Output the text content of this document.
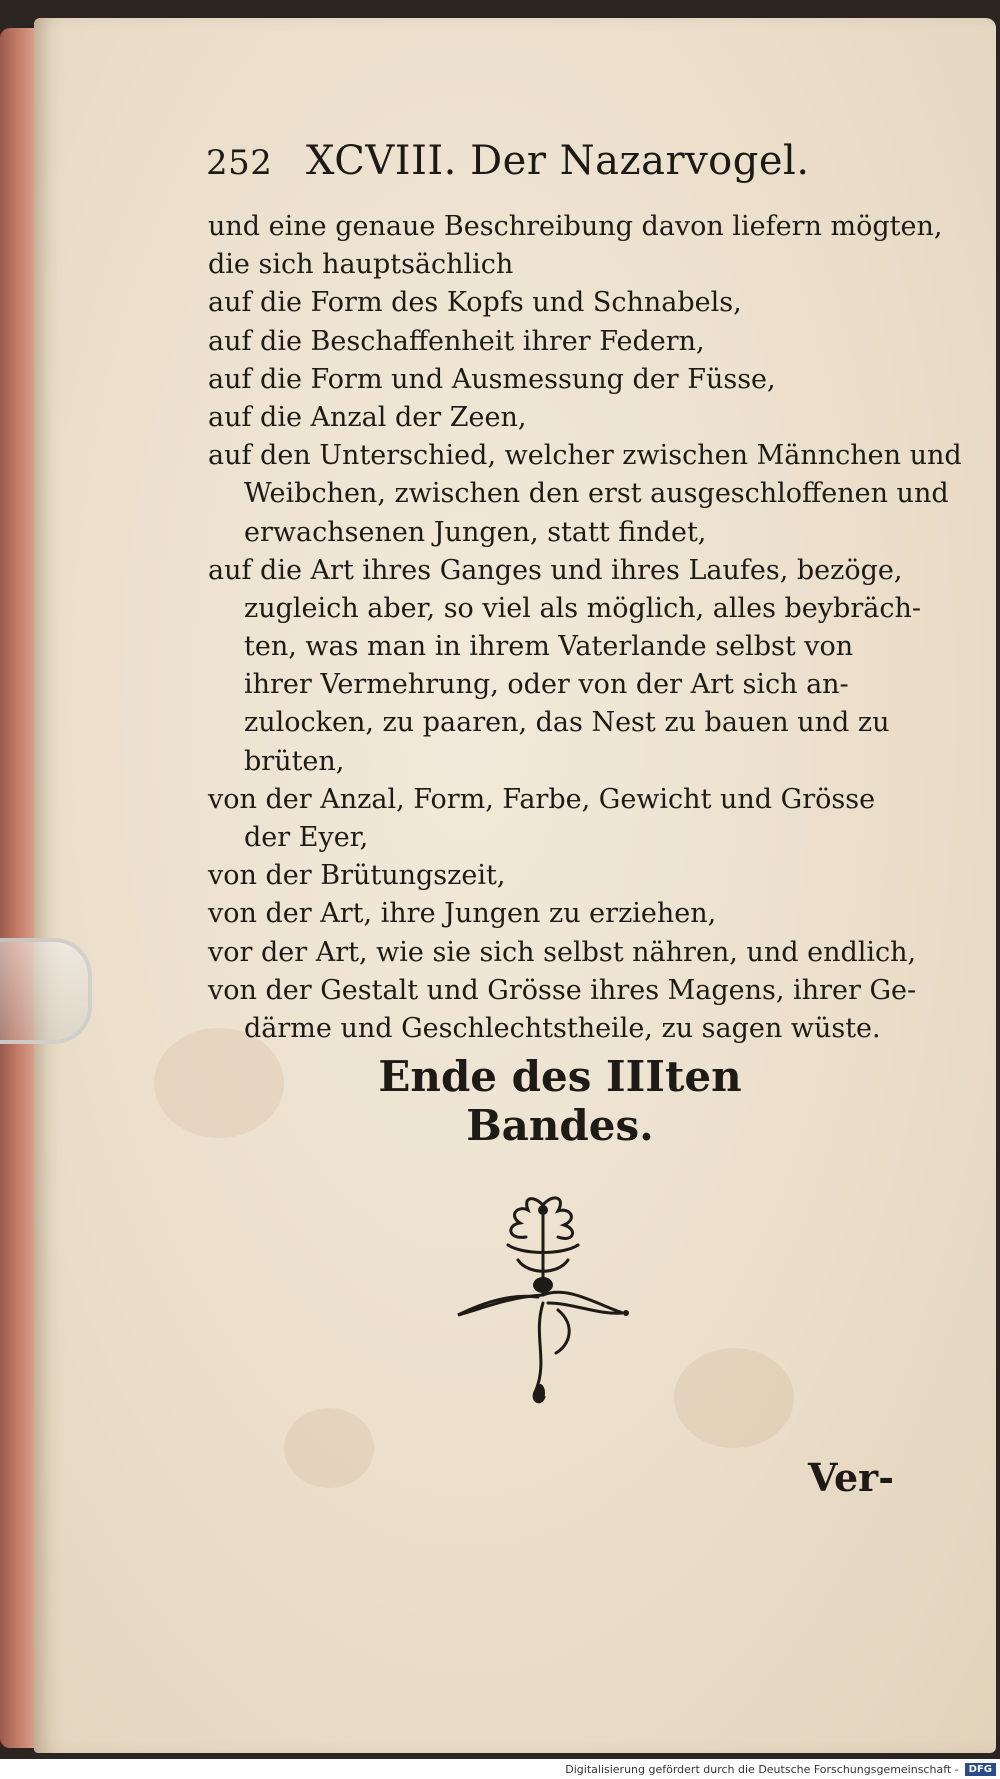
252 XCVIII. Der Nazarvogel.
und eine genaue Beschreibung davon liefern mögten,
die sich hauptsächlich
auf die Form des Kopfs und Schnabels,
auf die Beschaffenheit ihrer Federn,
auf die Form und Ausmessung der Füsse,
auf die Anzal der Zeen,
auf den Unterschied, welcher zwischen Männchen und
Weibchen, zwischen den erst ausgeschloffenen und
erwachsenen Jungen, statt findet,
auf die Art ihres Ganges und ihres Laufes, bezöge,
zugleich aber, so viel als möglich, alles beybräch-
ten, was man in ihrem Vaterlande selbst von
ihrer Vermehrung, oder von der Art sich an-
zulocken, zu paaren, das Nest zu bauen und zu
brüten,
von der Anzal, Form, Farbe, Gewicht und Grösse
der Eyer,
von der Brütungszeit,
von der Art, ihre Jungen zu erziehen,
vor der Art, wie sie sich selbst nähren, und endlich,
von der Gestalt und Grösse ihres Magens, ihrer Ge-
därme und Geschlechtstheile, zu sagen wüste.
Ende des IIIten Bandes.
Ver-
Digitalisierung gefördert durch die Deutsche Forschungsgemeinschaft -	DFG
